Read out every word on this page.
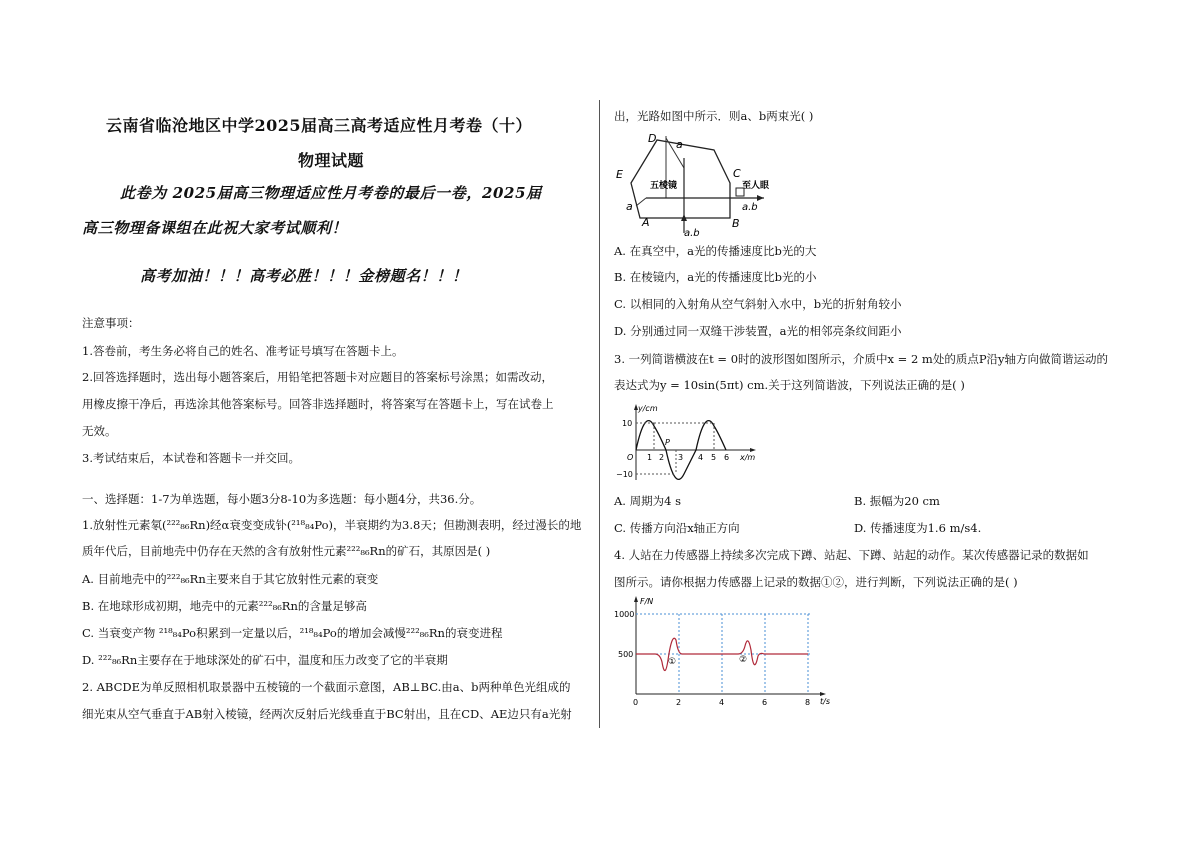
云南省临沧地区中学2025届高三高考适应性月考卷（十）
物理试题
此卷为 2025届高三物理适应性月考卷的最后一卷，2025届
高三物理备课组在此祝大家考试顺利！
高考加油！！！高考必胜！！！金榜题名！！！
注意事项：
1.答卷前，考生务必将自己的姓名、准考证号填写在答题卡上。
2.回答选择题时，选出每小题答案后，用铅笔把答题卡对应题目的答案标号涂黑；如需改动，
用橡皮擦干净后，再选涂其他答案标号。回答非选择题时，将答案写在答题卡上，写在试卷上
无效。
3.考试结束后，本试卷和答题卡一并交回。
一、选择题：1-7为单选题，每小题3分8-10为多选题：每小题4分，共36.分。
1.放射性元素氡(²²²₈₆Rn)经α衰变变成钋(²¹⁸₈₄Po)，半衰期约为3.8天；但勘测表明，经过漫长的地
质年代后，目前地壳中仍存在天然的含有放射性元素²²²₈₆Rn的矿石，其原因是( )
A. 目前地壳中的²²²₈₆Rn主要来自于其它放射性元素的衰变
B. 在地球形成初期，地壳中的元素²²²₈₆Rn的含量足够高
C. 当衰变产物 ²¹⁸₈₄Po积累到一定量以后，²¹⁸₈₄Po的增加会减慢²²²₈₆Rn的衰变进程
D. ²²²₈₆Rn主要存在于地球深处的矿石中，温度和压力改变了它的半衰期
2. ABCDE为单反照相机取景器中五棱镜的一个截面示意图，AB⊥BC.由a、b两种单色光组成的
细光束从空气垂直于AB射入棱镜，经两次反射后光线垂直于BC射出，且在CD、AE边只有a光射
出，光路如图中所示．则a、b两束光( )
五棱镜	至人眼
a.b
a.b
A	B
C
D
E
a
a
A. 在真空中，a光的传播速度比b光的大
B. 在棱镜内，a光的传播速度比b光的小
C. 以相同的入射角从空气斜射入水中，b光的折射角较小
D. 分别通过同一双缝干涉装置，a光的相邻亮条纹间距小
3. 一列简谐横波在t = 0时的波形图如图所示，介质中x = 2 m处的质点P沿y轴方向做简谐运动的
表达式为y = 10sin(5πt) cm.关于这列简谐波，下列说法正确的是( )
y/cm
x/m
10
−10
O
P
1 2 3 4 5 6
A. 周期为4 s	B. 振幅为20 cm
C. 传播方向沿x轴正方向	D. 传播速度为1.6 m/s4.
4. 人站在力传感器上持续多次完成下蹲、站起、下蹲、站起的动作。某次传感器记录的数据如
图所示。请你根据力传感器上记录的数据①②，进行判断，下列说法正确的是( )
1000
500
F/N
t/s
0	2	4	6	8
①	②
